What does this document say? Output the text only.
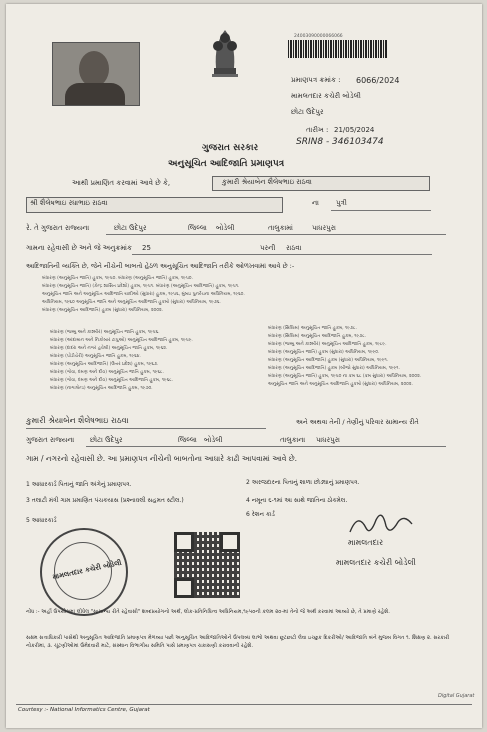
24003090000066066
પ્રમાણપત્ર ક્રમાંક : 6066/2024
મામલતદાર કચેરી બોડેલી
છોટા ઉદેપુર
તારીખ : 21/05/2024
SRIN8 - 346103474
ગુજરાત સરકાર
અનુસૂચિત આદિજાતિ પ્રમાણપત્ર
આથી પ્રમાણિત કરવામાં આવે છે કે,	કુમારી શ્રેયાબેન શૈલેષભાઇ રાઠવા
શ્રી શૈલેષભાઇ રધાભાઇ રાઠવા	ના પુત્રી
રે. તે ગુજરાત રાજ્યના	છોટા ઉદેપુર	જિલ્લા બોડેલી	તાલુકામાં	પાધરપુરા
ગામના રહેવાસી છે અને જે અનુક્રમાંક 25	પરની રાઠવા
આદિજાતિની વ્યક્તિ છે, જેને નીચેની બાબતો હેઠળ અનુસૂચિત આદિજાતિ તરીકે ઓળખવામાં આવે છે :-
બંધારણ (અનુસૂચિત જાતિ) હુકમ, ૧૯૫૦. બંધારણ (અનુસૂચિત જાતિ) હુકમ, ૧૯૫૦.
બંધારણ (અનુસૂચિત જાતિ) (કેન્દ્ર શાસિત પ્રદેશો) હુકમ, ૧૯૫૧. બંધારણ (અનુસૂચિત આદિજાતિ) હુકમ, ૧૯૫૧.
અનુસૂચિત જાતિ અને અનુસૂચિત આદિજાતિ યાદીઓ (સુધારા) હુકમ, ૧૯૫૬, મુંબઇ પુનર્રચના અધિનિયમ, ૧૯૬૦.
અધિનિયમ, ૧૯૬૦ અનુસૂચિત જાતિ અને અનુસૂચિત આદિજાતિ હુકમો (સુધારા) અધિનિયમ, ૧૯૭૬.
બંધારણ (અનુસૂચિત આદિજાતિ) હુકમ (સુધારા) અધિનિયમ, ૨૦૦૨.
બંધારણ (જમ્મુ અને કાશ્મીર) અનુસૂચિત જાતિ હુકમ, ૧૯૫૬.
બંધારણ (આંદામાન અને નિકોબાર ટાપુઓ) અનુસૂચિત આદિજાતિ હુકમ, ૧૯૫૯.
બંધારણ (દાદરા અને નગર હવેલી) અનુસૂચિત જાતિ હુકમ, ૧૯૬૨.
બંધારણ (પોંડીચેરી) અનુસૂચિત જાતિ હુકમ, ૧૯૬૪.
બંધારણ (અનુસૂચિત આદિજાતિ) (ઉત્તર પ્રદેશ) હુકમ, ૧૯૬૭.
બંધારણ (ગોવા, દમણ અને દીવ) અનુસૂચિત જાતિ હુકમ, ૧૯૬૮.
બંધારણ (ગોવા, દમણ અને દીવ) અનુસૂચિત આદિજાતિ હુકમ, ૧૯૬૮.
બંધારણ (નાગાલેન્ડ) અનુસૂચિત આદિજાતિ હુકમ, ૧૯૭૦.
બંધારણ (સિક્કિમ) અનુસૂચિત જાતિ હુકમ, ૧૯૭૮.
બંધારણ (સિક્કિમ) અનુસૂચિત આદિજાતિ હુકમ, ૧૯૭૮.
બંધારણ (જમ્મુ અને કાશ્મીર) અનુસૂચિત આદિજાતિ હુકમ, ૧૯૮૯.
બંધારણ (અનુસૂચિત જાતિ) હુકમ (સુધારા) અધિનિયમ, ૧૯૯૦.
બંધારણ (અનુસૂચિત આદિજાતિ) હુકમ (સુધારા) અધિનિયમ, ૧૯૯૧.
બંધારણ (અનુસૂચિત આદિજાતિ) હુકમ (બીજો સુધારા) અધિનિયમ, ૧૯૯૧.
બંધારણ (અનુસૂચિત જાતિ) હુકમ, ૧૯૫૦ ના ક્રમ ૬૮ (ક્રમ સુધારા) અધિનિયમ, ૨૦૦૨.
અનુસૂચિત જાતિ અને અનુસૂચિત આદિજાતિ હુકમો (સુધારા) અધિનિયમ, ૨૦૦૨.
કુમારી શ્રેયાબેન શૈલેષભાઇ રાઠવા	અને અથવા તેની / તેણીનું પરિવાર સામાન્ય રીતે
ગુજરાત રાજ્યના છોટા ઉદેપુર	જિલ્લા બોડેલી	તાલુકાના પાધરપુરા
ગામ / નગરનો રહેવાસી છે. આ પ્રમાણપત્ર નીચેની બાબતોના આધારે કાઢી આપવામાં આવે છે.
1 આધારકાર્ડ પિતાનું જાતિ અંગેનું પ્રમાણપત્ર.	2 અરજદારના પિતાનું શાળા છોડ્યાનું પ્રમાણપત્ર.
3 તલાટી મંત્રી ગામ પ્રમાણિત પંચકયાસ (પ્રશ્નાવલી સહમત સ્ટીલ.)	4 નમૂના ૬-૧માં આ સાથે જાતિના ઠોકમેલ.
5 આધારકાર્ડ
6 રેશન કાર્ડ
મામલતદાર
મામલતદાર કચેરી બોડેલી
મામલતદાર કચેરી બોડેલી
નોંધ :- અહીં ઉપયોગમાં લીધેલ "સામાન્ય રીતે રહેવાસી" શબ્દપ્રયોગનો અર્થ, લોક-પ્રતિનિધિત્વ અધિનિયમ,૧૯૫૦ની કલમ ૨૦-માં તેનો જે અર્થ કરવામાં આવ્યો છે, તે પ્રમાણે રહેશે.
સક્ષમ સત્તાધિકારી પાસેથી અનુસૂચિત આદિજાતિ પ્રમાણપત્ર મેળવ્યા પછી અનુસૂચિત આદિજાતિઓને ઉપલબ્ધ લાભો અથવા છૂટછાટો લેવા ઇચ્છુક દિકરીઓ/ આદિજાતિ બંને મુજબ વિગત ૧. શિક્ષણ ૨. સરકારી નોકરીમાં, ૩. ચૂંટણીઓમાં ઉમેદવારી માટે, સંસ્થાન વિભાગીય સમિતિ પાસે પ્રમાણપત્ર ચકાસણી કરાવવાની રહેશે.
Courtesy :- National Informatics Centre, Gujarat
Digital Gujarat
